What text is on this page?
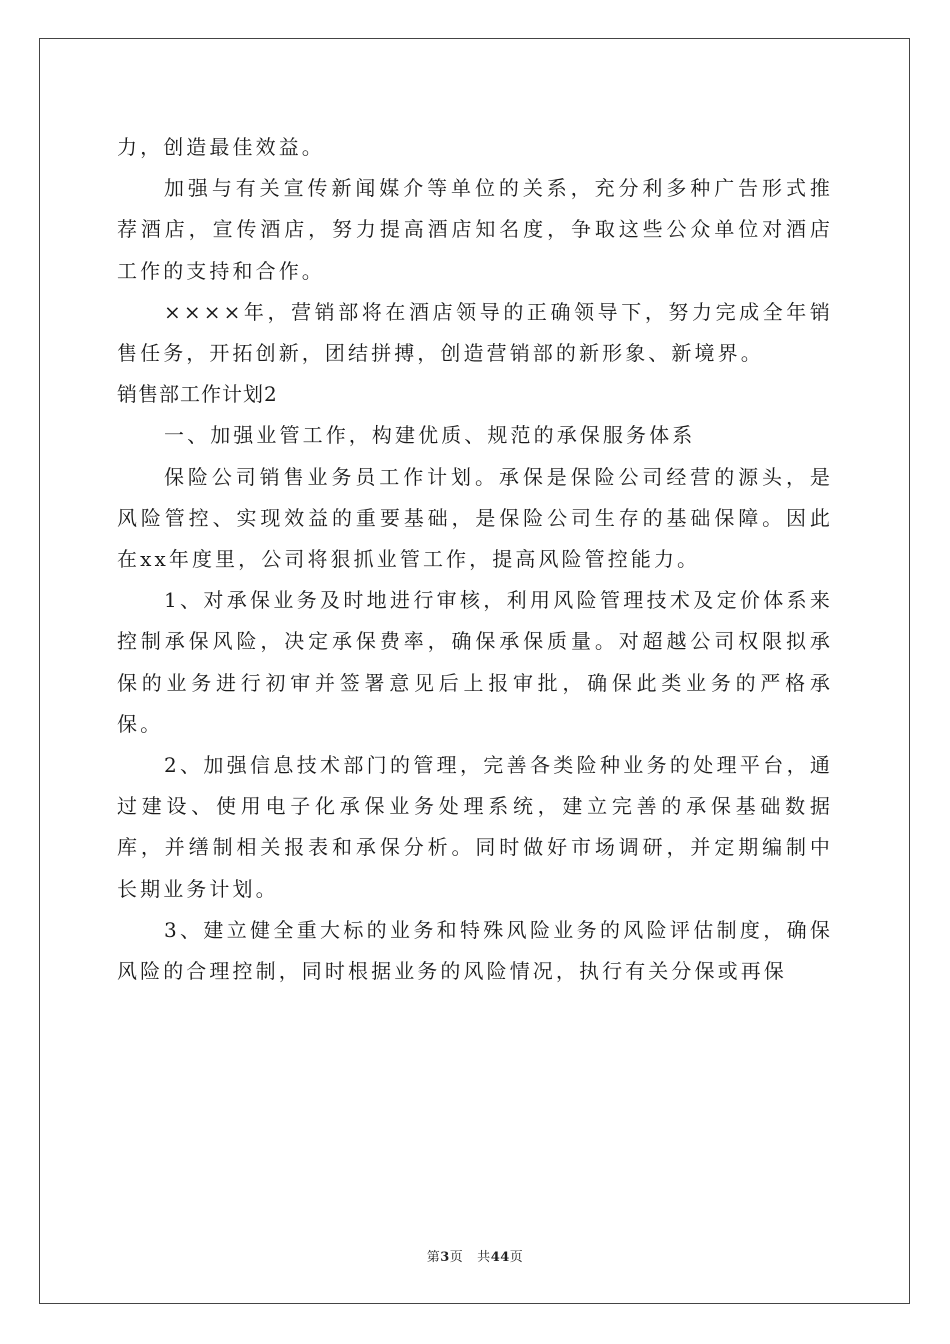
力，创造最佳效益。

加强与有关宣传新闻媒介等单位的关系，充分利多种广告形式推荐酒店，宣传酒店，努力提高酒店知名度，争取这些公众单位对酒店工作的支持和合作。

××××年，营销部将在酒店领导的正确领导下，努力完成全年销售任务，开拓创新，团结拼搏，创造营销部的新形象、新境界。

销售部工作计划2

一、加强业管工作，构建优质、规范的承保服务体系

保险公司销售业务员工作计划。承保是保险公司经营的源头，是风险管控、实现效益的重要基础，是保险公司生存的基础保障。因此在xx年度里，公司将狠抓业管工作，提高风险管控能力。

1、对承保业务及时地进行审核，利用风险管理技术及定价体系来控制承保风险，决定承保费率，确保承保质量。对超越公司权限拟承保的业务进行初审并签署意见后上报审批，确保此类业务的严格承保。

2、加强信息技术部门的管理，完善各类险种业务的处理平台，通过建设、使用电子化承保业务处理系统，建立完善的承保基础数据库，并缮制相关报表和承保分析。同时做好市场调研，并定期编制中长期业务计划。

3、建立健全重大标的业务和特殊风险业务的风险评估制度，确保风险的合理控制，同时根据业务的风险情况，执行有关分保或再保

第3页 共44页
